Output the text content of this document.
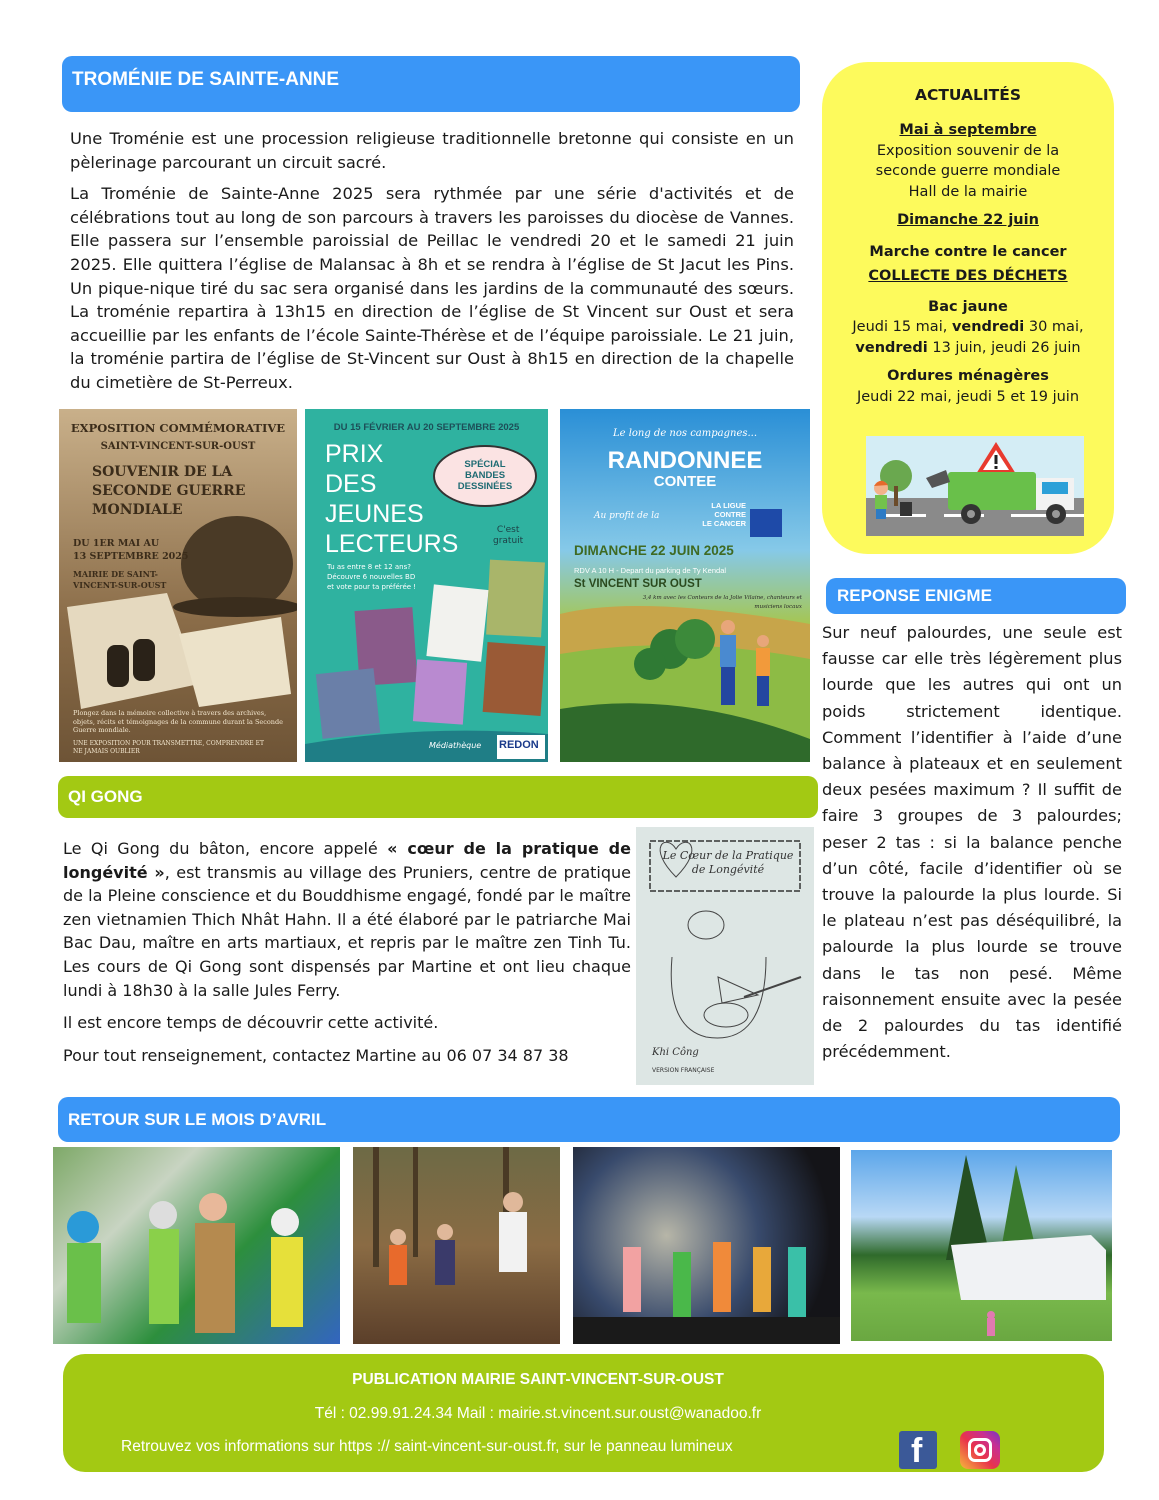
TROMÉNIE DE SAINTE-ANNE

Une Troménie est une procession religieuse traditionnelle bretonne qui consiste en un pèlerinage parcourant un circuit sacré.

La Troménie de Sainte-Anne 2025 sera rythmée par une série d'activités et de célébrations tout au long de son parcours à travers les paroisses du diocèse de Vannes. Elle passera sur l’ensemble paroissial de Peillac le vendredi 20 et le samedi 21 juin 2025. Elle quittera l’église de Malansac à 8h et se rendra à l’église de St Jacut les Pins. Un pique-nique tiré du sac sera organisé dans les jardins de la communauté des sœurs. La troménie repartira à 13h15 en direction de l’église de St Vincent sur Oust et sera accueillie par les enfants de l’école Sainte-Thérèse et de l’équipe paroissiale. Le 21 juin, la troménie partira de l’église de St-Vincent sur Oust à 8h15 en direction de la chapelle du cimetière de St-Perreux.

ACTUALITÉS
Mai à septembre
Exposition souvenir de la
seconde guerre mondiale
Hall de la mairie
Dimanche 22 juin
Marche contre le cancer
COLLECTE DES DÉCHETS
Bac jaune
Jeudi 15 mai, vendredi 30 mai,
vendredi 13 juin, jeudi 26 juin
Ordures ménagères
Jeudi 22 mai, jeudi 5 et 19 juin
EXPOSITION COMMÉMORATIVE
SAINT-VINCENT-SUR-OUST
SOUVENIR DE LA
SECONDE GUERRE
MONDIALE
DU 1ER MAI AU
13 SEPTEMBRE 2025
MAIRIE DE SAINT-
VINCENT-SUR-OUST
Plongez dans la mémoire collective à travers des archives, objets, récits et témoignages de la commune durant la Seconde Guerre mondiale.
UNE EXPOSITION POUR TRANSMETTRE, COMPRENDRE ET NE JAMAIS OUBLIER
DU 15 FÉVRIER AU 20 SEPTEMBRE 2025
PRIX
DES
JEUNES
LECTEURS
SPÉCIAL
BANDES
DESSINÉES
C'est
gratuit
Tu as entre 8 et 12 ans?
Découvre 6 nouvelles BD
et vote pour ta préférée !
Médiathèque REDON
Le long de nos campagnes...
RANDONNEE
CONTEE
Au profit de la
LA LIGUE
CONTRE
LE CANCER
DIMANCHE 22 JUIN 2025
RDV A 10 H - Depart du parking de Ty Kendal
St VINCENT SUR OUST
3,4 km avec les Conteurs de la Jolie Vilaine, chanteurs et musiciens locaux
REPONSE ENIGME
Sur neuf palourdes, une seule est fausse car elle très légèrement plus lourde que les autres qui ont un poids strictement identique. Comment l’identifier à l’aide d’une balance à plateaux et en seulement deux pesées maximum ? Il suffit de faire 3 groupes de 3 palourdes; peser 2 tas : si la balance penche d’un côté, facile d’identifier où se trouve la palourde la plus lourde. Si le plateau n’est pas déséquilibré, la palourde la plus lourde se trouve dans le tas non pesé. Même raisonnement ensuite avec la pesée de 2 palourdes du tas identifié précédemment.
QI GONG

Le Qi Gong du bâton, encore appelé « cœur de la pratique de longévité », est transmis au village des Pruniers, centre de pratique de la Pleine conscience et du Bouddhisme engagé, fondé par le maître zen vietnamien Thich Nhât Hahn. Il a été élaboré par le patriarche Mai Bac Dau, maître en arts martiaux, et repris par le maître zen Tinh Tu. Les cours de Qi Gong sont dispensés par Martine et ont lieu chaque lundi à 18h30 à la salle Jules Ferry.

Il est encore temps de découvrir cette activité.

Pour tout renseignement, contactez Martine au 06 07 34 87 38

Le Cœur de la Pratique
de Longévité
Khi Công
VERSION FRANÇAISE
RETOUR SUR LE MOIS D’AVRIL
PUBLICATION MAIRIE SAINT-VINCENT-SUR-OUST
Tél : 02.99.91.24.34 Mail : mairie.st.vincent.sur.oust@wanadoo.fr
Retrouvez vos informations sur https :// saint-vincent-sur-oust.fr, sur le panneau lumineux	f
